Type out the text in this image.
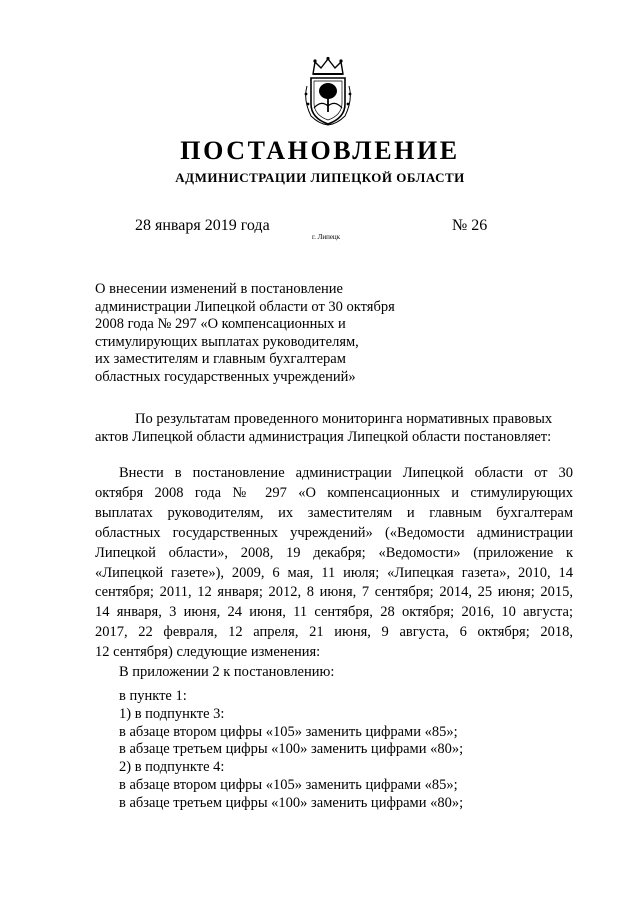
ПОСТАНОВЛЕНИЕ
АДМИНИСТРАЦИИ ЛИПЕЦКОЙ ОБЛАСТИ
28 января 2019 года
г. Липецк
№ 26
О внесении изменений в постановление
администрации Липецкой области от 30 октября
2008 года № 297 «О компенсационных и
стимулирующих выплатах руководителям,
их заместителям и главным бухгалтерам
областных государственных учреждений»
По результатам проведенного мониторинга нормативных правовых
актов Липецкой области администрация Липецкой области постановляет:
Внести в постановление администрации Липецкой области от 30
октября 2008 года № 297 «О компенсационных и стимулирующих
выплатах руководителям, их заместителям и главным бухгалтерам
областных государственных учреждений» («Ведомости администрации
Липецкой области», 2008, 19 декабря; «Ведомости» (приложение к
«Липецкой газете»), 2009, 6 мая, 11 июля; «Липецкая газета», 2010, 14
сентября; 2011, 12 января; 2012, 8 июня, 7 сентября; 2014, 25 июня; 2015,
14 января, 3 июня, 24 июня, 11 сентября, 28 октября; 2016, 10 августа;
2017, 22 февраля, 12 апреля, 21 июня, 9 августа, 6 октября; 2018,
12 сентября) следующие изменения:
В приложении 2 к постановлению:
в пункте 1:
1) в подпункте 3:
в абзаце втором цифры «105» заменить цифрами «85»;
в абзаце третьем цифры «100» заменить цифрами «80»;
2) в подпункте 4:
в абзаце втором цифры «105» заменить цифрами «85»;
в абзаце третьем цифры «100» заменить цифрами «80»;
